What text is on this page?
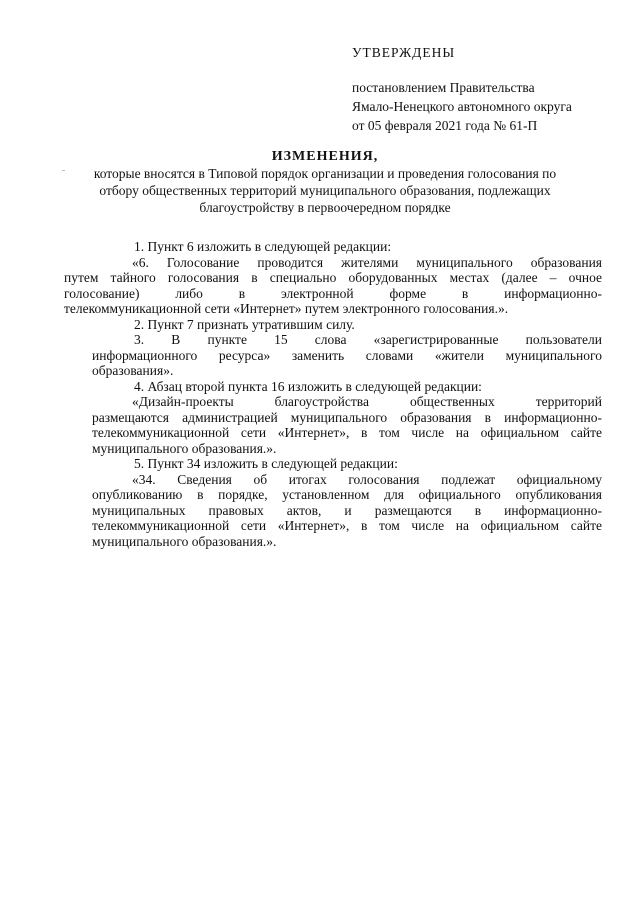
УТВЕРЖДЕНЫ
постановлением Правительства
Ямало-Ненецкого автономного округа
от 05 февраля 2021 года № 61-П
ИЗМЕНЕНИЯ,
которые вносятся в Типовой порядок организации и проведения голосования по
отбору общественных территорий муниципального образования, подлежащих
благоустройству в первоочередном порядке
1. Пункт 6 изложить в следующей редакции:
«6. Голосование проводится жителями муниципального образования
путем тайного голосования в специально оборудованных местах (далее – очное
голосование) либо в электронной форме в информационно-
телекоммуникационной сети «Интернет» путем электронного голосования.».
2. Пункт 7 признать утратившим силу.
3. В пункте 15 слова «зарегистрированные пользователи
информационного ресурса» заменить словами «жители муниципального
образования».
4. Абзац второй пункта 16 изложить в следующей редакции:
«Дизайн-проекты благоустройства общественных территорий
размещаются администрацией муниципального образования в информационно-
телекоммуникационной сети «Интернет», в том числе на официальном сайте
муниципального образования.».
5. Пункт 34 изложить в следующей редакции:
«34. Сведения об итогах голосования подлежат официальному
опубликованию в порядке, установленном для официального опубликования
муниципальных правовых актов, и размещаются в информационно-
телекоммуникационной сети «Интернет», в том числе на официальном сайте
муниципального образования.».
